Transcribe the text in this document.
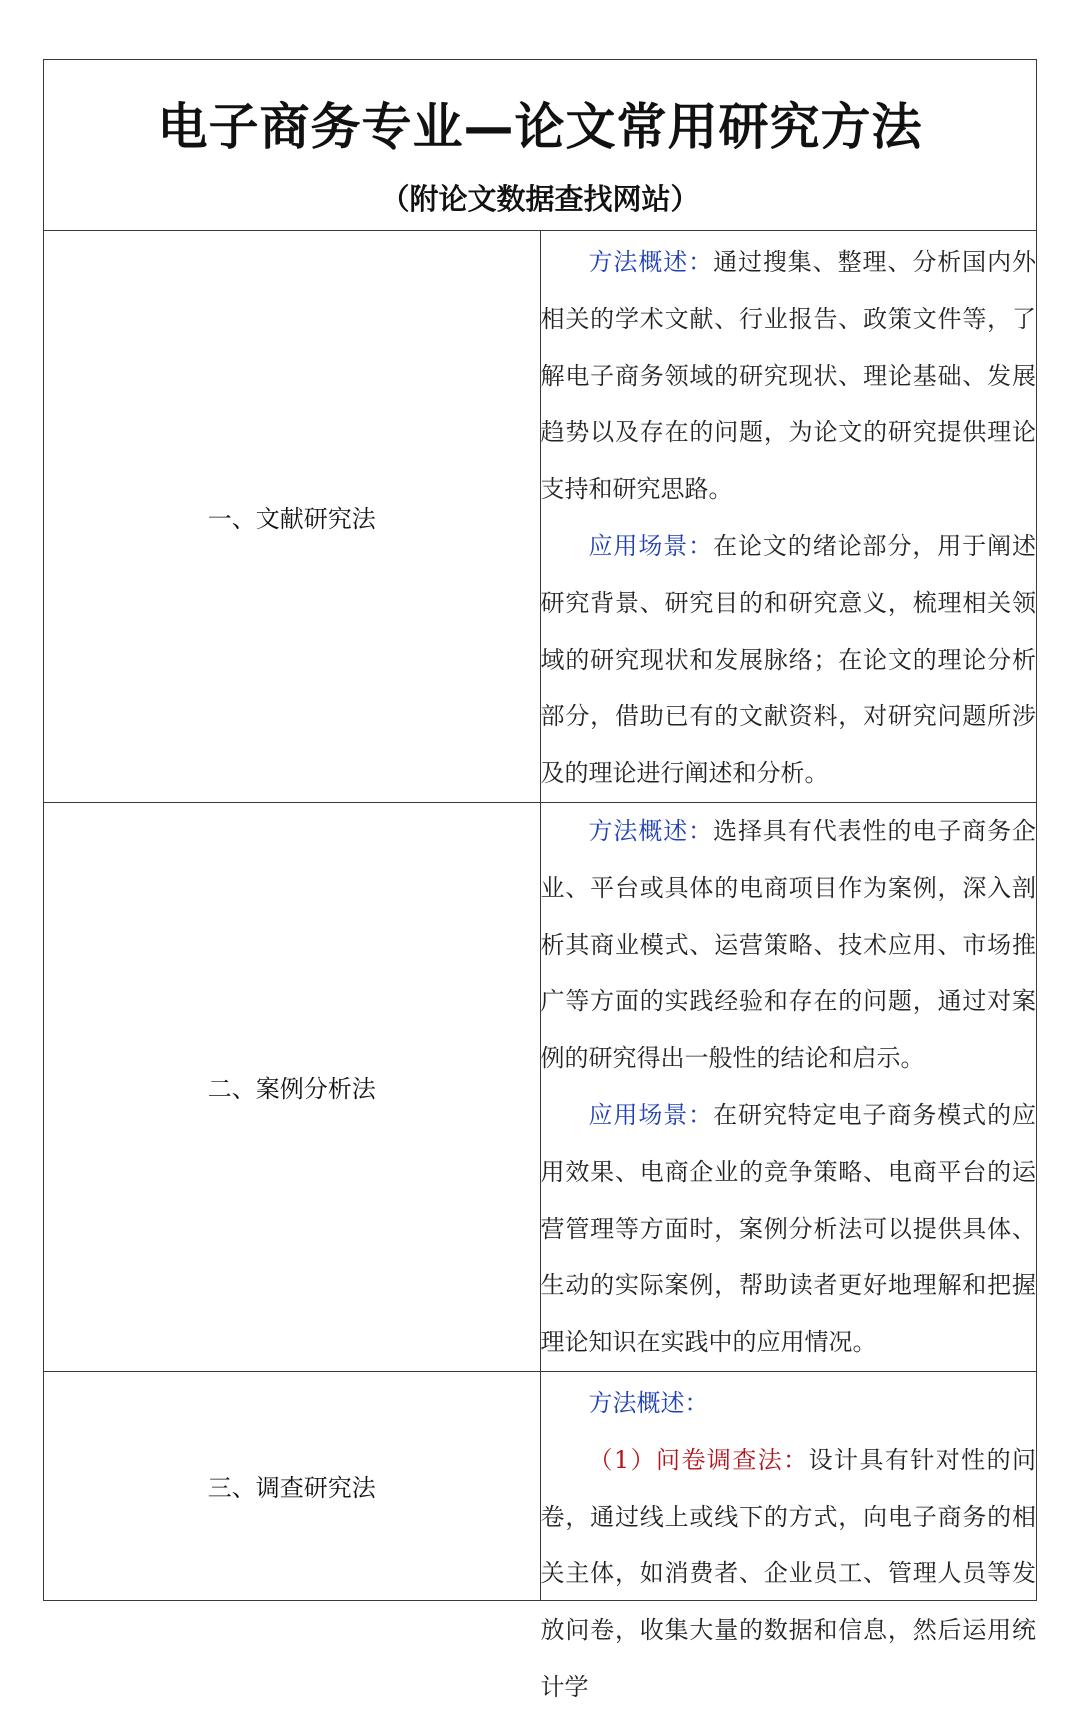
电子商务专业—论文常用研究方法
（附论文数据查找网站）	

一、文献研究法	方法概述：通过搜集、整理、分析国内外相关的学术文献、行业报告、政策文件等，了解电子商务领域的研究现状、理论基础、发展趋势以及存在的问题，为论文的研究提供理论支持和研究思路。

应用场景：在论文的绪论部分，用于阐述研究背景、研究目的和研究意义，梳理相关领域的研究现状和发展脉络；在论文的理论分析部分，借助已有的文献资料，对研究问题所涉及的理论进行阐述和分析。

二、案例分析法	方法概述：选择具有代表性的电子商务企业、平台或具体的电商项目作为案例，深入剖析其商业模式、运营策略、技术应用、市场推广等方面的实践经验和存在的问题，通过对案例的研究得出一般性的结论和启示。

应用场景：在研究特定电子商务模式的应用效果、电商企业的竞争策略、电商平台的运营管理等方面时，案例分析法可以提供具体、生动的实际案例，帮助读者更好地理解和把握理论知识在实践中的应用情况。

三、调查研究法	方法概述：

（1）问卷调查法：设计具有针对性的问卷，通过线上或线下的方式，向电子商务的相关主体，如消费者、企业员工、管理人员等发放问卷，收集大量的数据和信息，然后运用统计学
